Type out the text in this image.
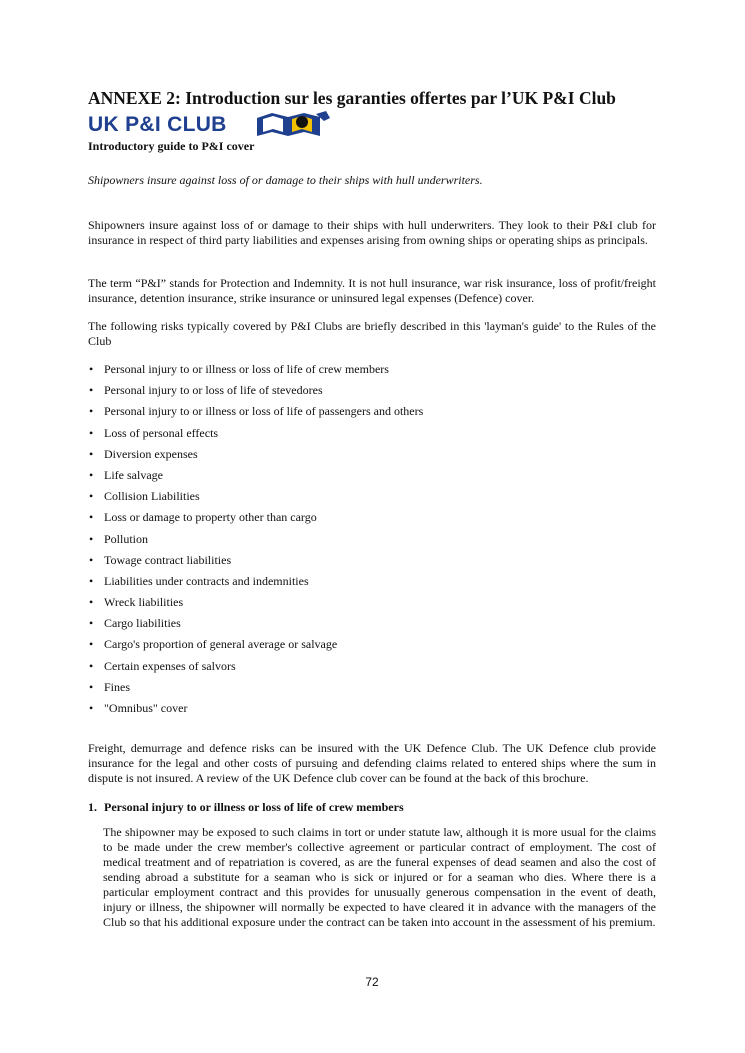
ANNEXE 2: Introduction sur les garanties offertes par l’UK P&I Club
UK P&I CLUB
Introductory guide to P&I cover
Shipowners insure against loss of or damage to their ships with hull underwriters.

Shipowners insure against loss of or damage to their ships with hull underwriters. They look to their P&I club for insurance in respect of third party liabilities and expenses arising from owning ships or operating ships as principals.

The term “P&I” stands for Protection and Indemnity. It is not hull insurance, war risk insurance, loss of profit/freight insurance, detention insurance, strike insurance or uninsured legal expenses (Defence) cover.

The following risks typically covered by P&I Clubs are briefly described in this 'layman's guide' to the Rules of the Club

• Personal injury to or illness or loss of life of crew members
• Personal injury to or loss of life of stevedores
• Personal injury to or illness or loss of life of passengers and others
• Loss of personal effects
• Diversion expenses
• Life salvage
• Collision Liabilities
• Loss or damage to property other than cargo
• Pollution
• Towage contract liabilities
• Liabilities under contracts and indemnities
• Wreck liabilities
• Cargo liabilities
• Cargo's proportion of general average or salvage
• Certain expenses of salvors
• Fines
• "Omnibus" cover

Freight, demurrage and defence risks can be insured with the UK Defence Club. The UK Defence club provide insurance for the legal and other costs of pursuing and defending claims related to entered ships where the sum in dispute is not insured. A review of the UK Defence club cover can be found at the back of this brochure.

1. Personal injury to or illness or loss of life of crew members

The shipowner may be exposed to such claims in tort or under statute law, although it is more usual for the claims to be made under the crew member's collective agreement or particular contract of employment. The cost of medical treatment and of repatriation is covered, as are the funeral expenses of dead seamen and also the cost of sending abroad a substitute for a seaman who is sick or injured or for a seaman who dies. Where there is a particular employment contract and this provides for unusually generous compensation in the event of death, injury or illness, the shipowner will normally be expected to have cleared it in advance with the managers of the Club so that his additional exposure under the contract can be taken into account in the assessment of his premium.

72
